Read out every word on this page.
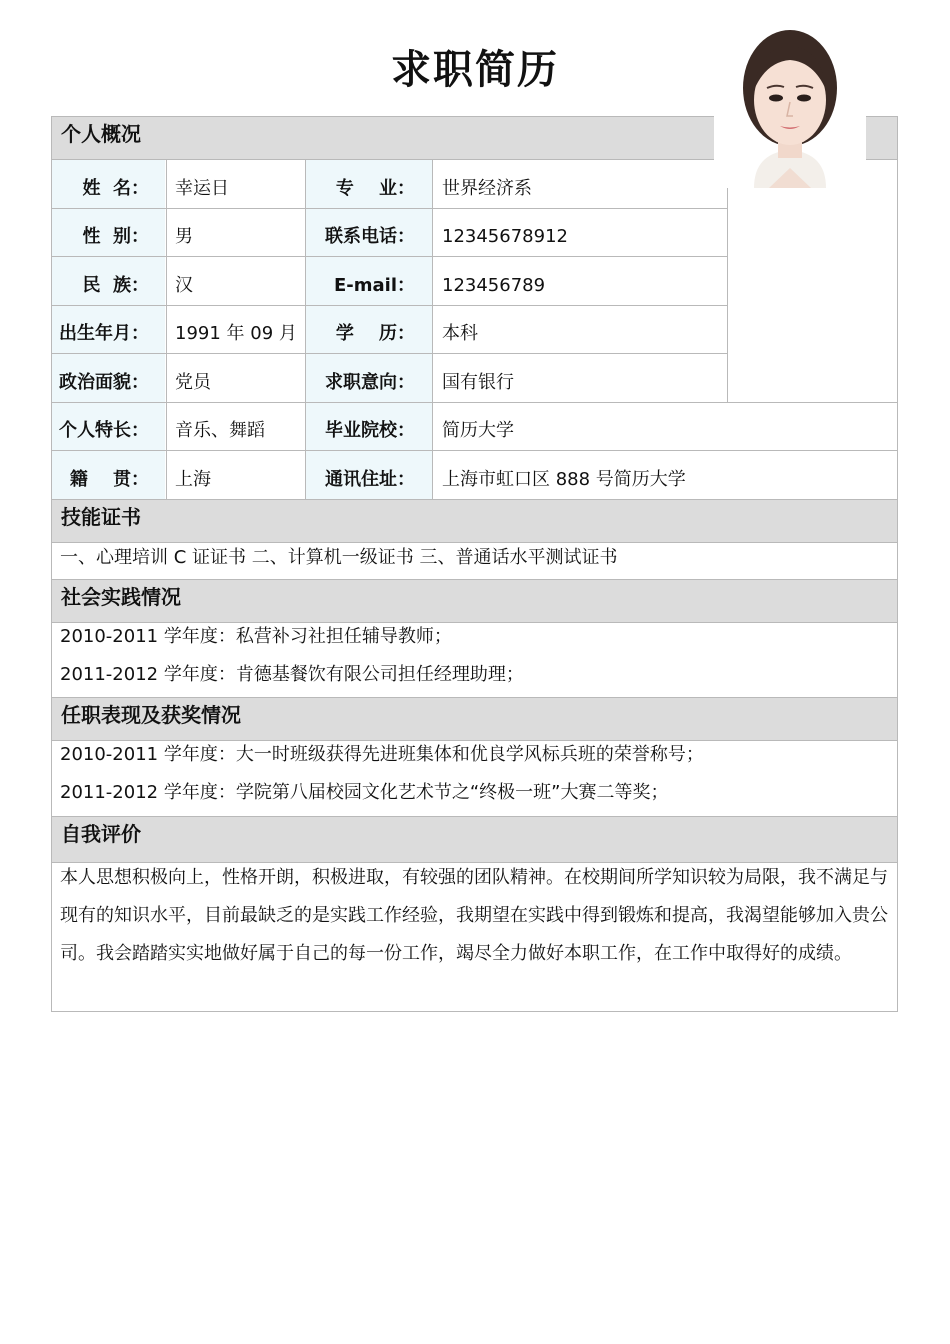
求职简历
个人概况
姓  名： 幸运日	专    业： 世界经济系
性  别： 男	联系电话： 12345678912
民  族： 汉	E-mail： 123456789
出生年月： 1991 年 09 月	学    历： 本科
政治面貌： 党员	求职意向： 国有银行
个人特长： 音乐、舞蹈	毕业院校： 简历大学
籍    贯： 上海	通讯住址： 上海市虹口区 888 号简历大学
技能证书
一、心理培训 C 证证书 二、计算机一级证书 三、普通话水平测试证书
社会实践情况
2010-2011 学年度：私营补习社担任辅导教师；
2011-2012 学年度：肯德基餐饮有限公司担任经理助理；
任职表现及获奖情况
2010-2011 学年度：大一时班级获得先进班集体和优良学风标兵班的荣誉称号；
2011-2012 学年度：学院第八届校园文化艺术节之“终极一班”大赛二等奖；
自我评价
本人思想积极向上，性格开朗，积极进取，有较强的团队精神。在校期间所学知识较为局限，我不满足与现有的知识水平，目前最缺乏的是实践工作经验，我期望在实践中得到锻炼和提高，我渴望能够加入贵公司。我会踏踏实实地做好属于自己的每一份工作，竭尽全力做好本职工作，在工作中取得好的成绩。
